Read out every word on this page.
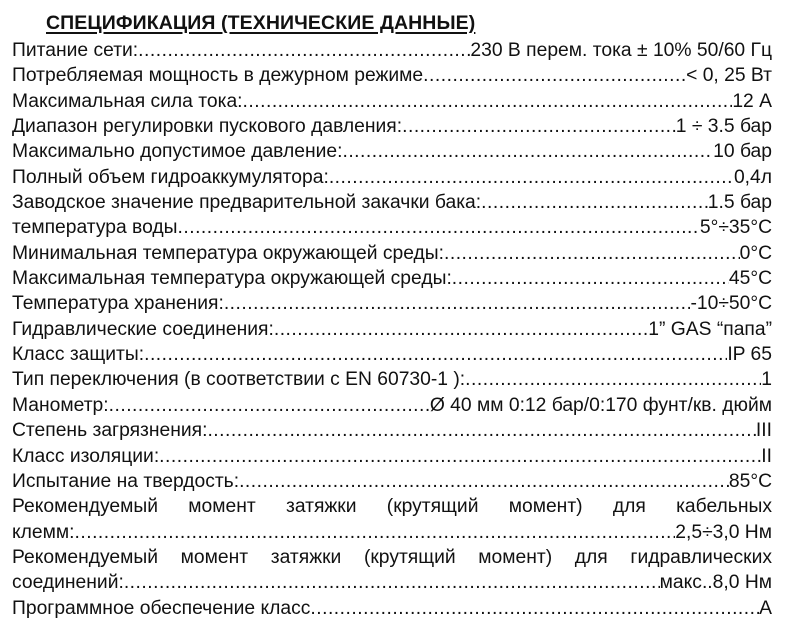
СПЕЦИФИКАЦИЯ (ТЕХНИЧЕСКИЕ ДАННЫЕ)
Питание сети: .....	230 В перем. тока ± 10% 50/60 Гц
Потребляемая мощность в дежурном режиме .....	< 0, 25 Вт
Максимальная сила тока: .....	12 А
Диапазон регулировки пускового давления: .....	1 ÷ 3.5 бар
Максимально допустимое давление: .....	10 бар
Полный объем гидроаккумулятора: .....	0,4л
Заводское значение предварительной закачки бака: .....	1.5 бар
температура воды .....	5°÷35°C
Минимальная температура окружающей среды: .....	0°C
Максимальная температура окружающей среды: .....	45°C
Температура хранения: .....	-10÷50°C
Гидравлические соединения: .....	1” GAS “папа”
Класс защиты: .....	IP 65
Тип переключения (в соответствии с EN 60730-1 ): .....	1
Манометр: .....	Ø 40 мм 0:12 бар/0:170 фунт/кв. дюйм
Степень загрязнения: .....	III
Класс изоляции: .....	II
Испытание на твердость: .....	85°C
Рекомендуемый момент затяжки (крутящий момент) для кабельных
клемм: .....	2,5÷3,0 Нм
Рекомендуемый момент затяжки (крутящий момент) для гидравлических
соединений: .....	макс..8,0 Нм
Программное обеспечение класс .....	А
